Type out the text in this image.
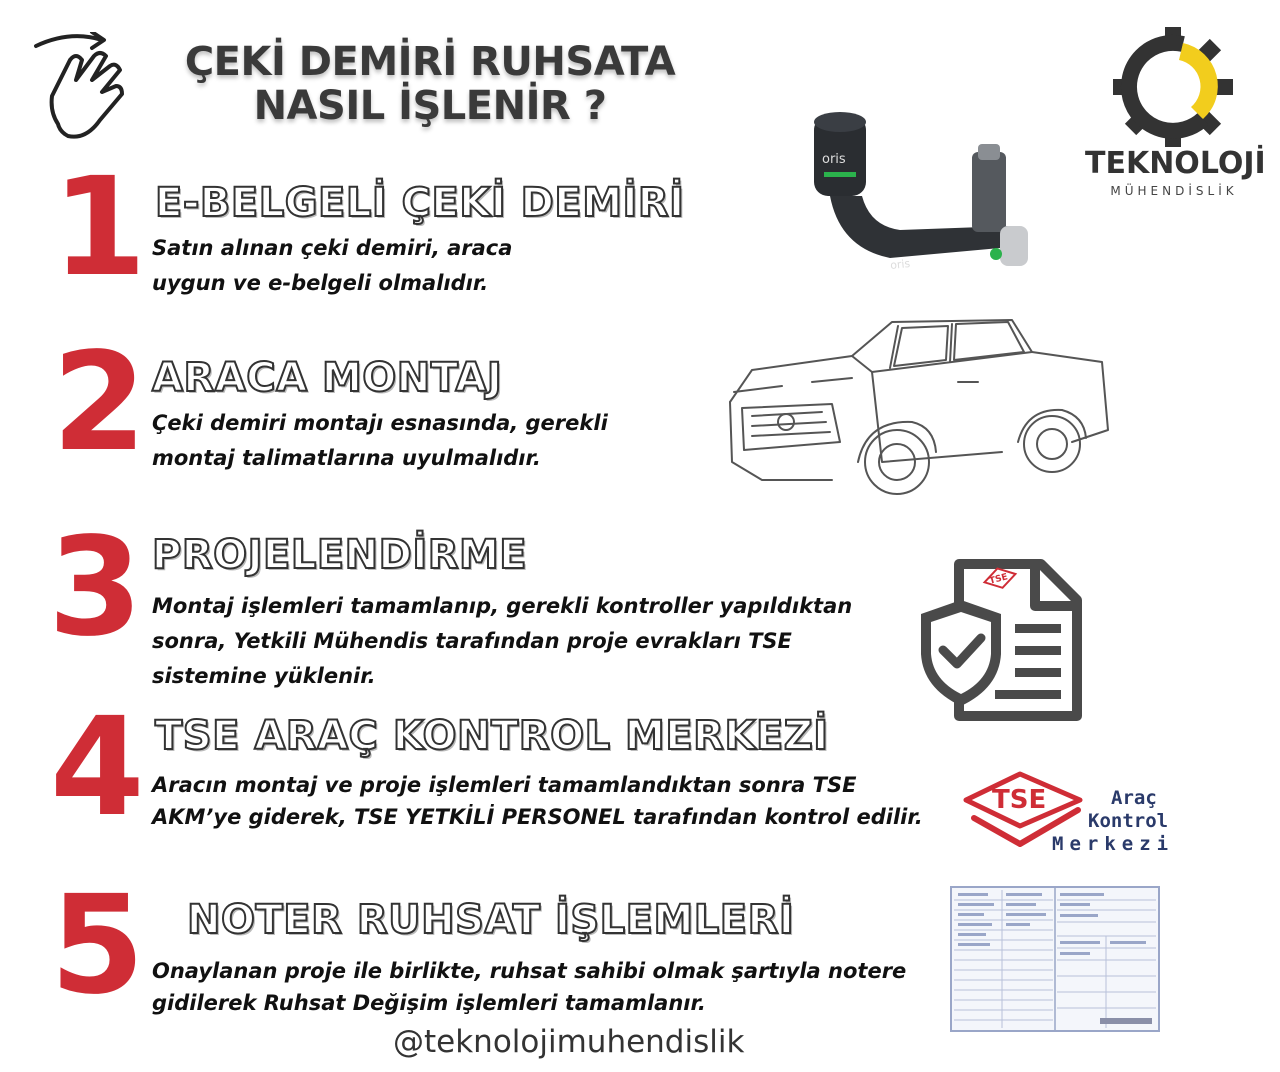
ÇEKİ DEMİRİ RUHSATA
NASIL İŞLENİR ?
TEKNOLOJİ
MÜHENDİSLİK
1 E-BELGELİ ÇEKİ DEMİRİ
Satın alınan çeki demiri, araca
uygun ve e-belgeli olmalıdır.
oris
oris
2 ARACA MONTAJ
Çeki demiri montajı esnasında, gerekli
montaj talimatlarına uyulmalıdır.
3 PROJELENDİRME
Montaj işlemleri tamamlanıp, gerekli kontroller yapıldıktan
sonra, Yetkili Mühendis tarafından proje evrakları TSE
sistemine yüklenir.
TSE
4 TSE ARAÇ KONTROL MERKEZİ
Aracın montaj ve proje işlemleri tamamlandıktan sonra TSE
AKM’ye giderek, TSE YETKİLİ PERSONEL tarafından kontrol edilir.
TSE	Araç
Kontrol
Merkezi
5 NOTER RUHSAT İŞLEMLERİ
Onaylanan proje ile birlikte, ruhsat sahibi olmak şartıyla notere
gidilerek Ruhsat Değişim işlemleri tamamlanır.
@teknolojimuhendislik
